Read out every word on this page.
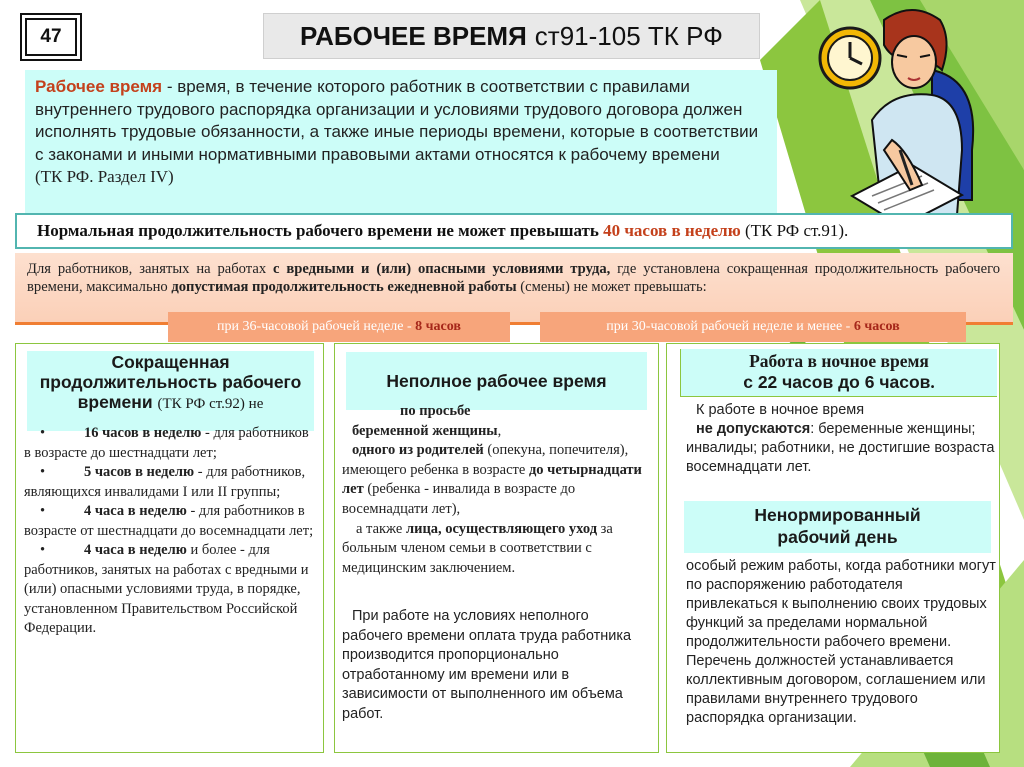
47	РАБОЧЕЕ ВРЕМЯ ст91-105 ТК РФ
Рабочее время - время, в течение которого работник в соответствии с правилами внутреннего трудового распорядка организации и условиями трудового договора должен исполнять трудовые обязанности, а также иные периоды времени, которые в соответствии с законами и иными нормативными правовыми актами относятся к рабочему времени     (ТК РФ. Раздел IV)
Нормальная продолжительность рабочего времени не может превышать 40 часов в неделю (ТК РФ ст.91).
Для работников, занятых на работах с вредными и (или) опасными условиями труда, где установлена сокращенная продолжительность рабочего времени, максимально допустимая продолжительность ежедневной работы (смены) не может превышать:
при 36-часовой рабочей неделе -
8 часов	при 30-часовой рабочей неделе и менее -
6 часов
Сокращенная продолжительность рабочего времени (ТК РФ ст.92) не

•	16 часов в неделю - для работников в возрасте до шестнадцати лет;

•	5 часов в неделю - для работников, являющихся инвалидами I или II группы;

•	4 часа в неделю - для работников в возрасте от шестнадцати до восемнадцати лет;

•	4 часа в неделю и более - для работников, занятых на работах с вредными и (или) опасными условиями труда, в порядке, установленном Правительством Российской Федерации.

Неполное рабочее время

по просьбе

беременной женщины,

одного из родителей (опекуна, попечителя), имеющего ребенка в возрасте до четырнадцати лет (ребенка - инвалида в возрасте до восемнадцати лет),

а также лица, осуществляющего уход за больным членом семьи в соответствии с медицинским заключением.

При работе на условиях неполного рабочего времени оплата труда работника производится пропорционально отработанному им времени или в зависимости от выполненного им объема работ.
Работа в ночное время
с 22 часов до 6 часов.
К работе в ночное время
не допускаются: беременные женщины; инвалиды; работники, не достигшие возраста восемнадцати лет.
Ненормированный рабочий день
особый режим работы, когда работники могут по распоряжению работодателя привлекаться к выполнению своих трудовых функций за пределами нормальной продолжительности рабочего времени. Перечень должностей устанавливается коллективным договором, соглашением или правилами внутреннего трудового распорядка организации.
